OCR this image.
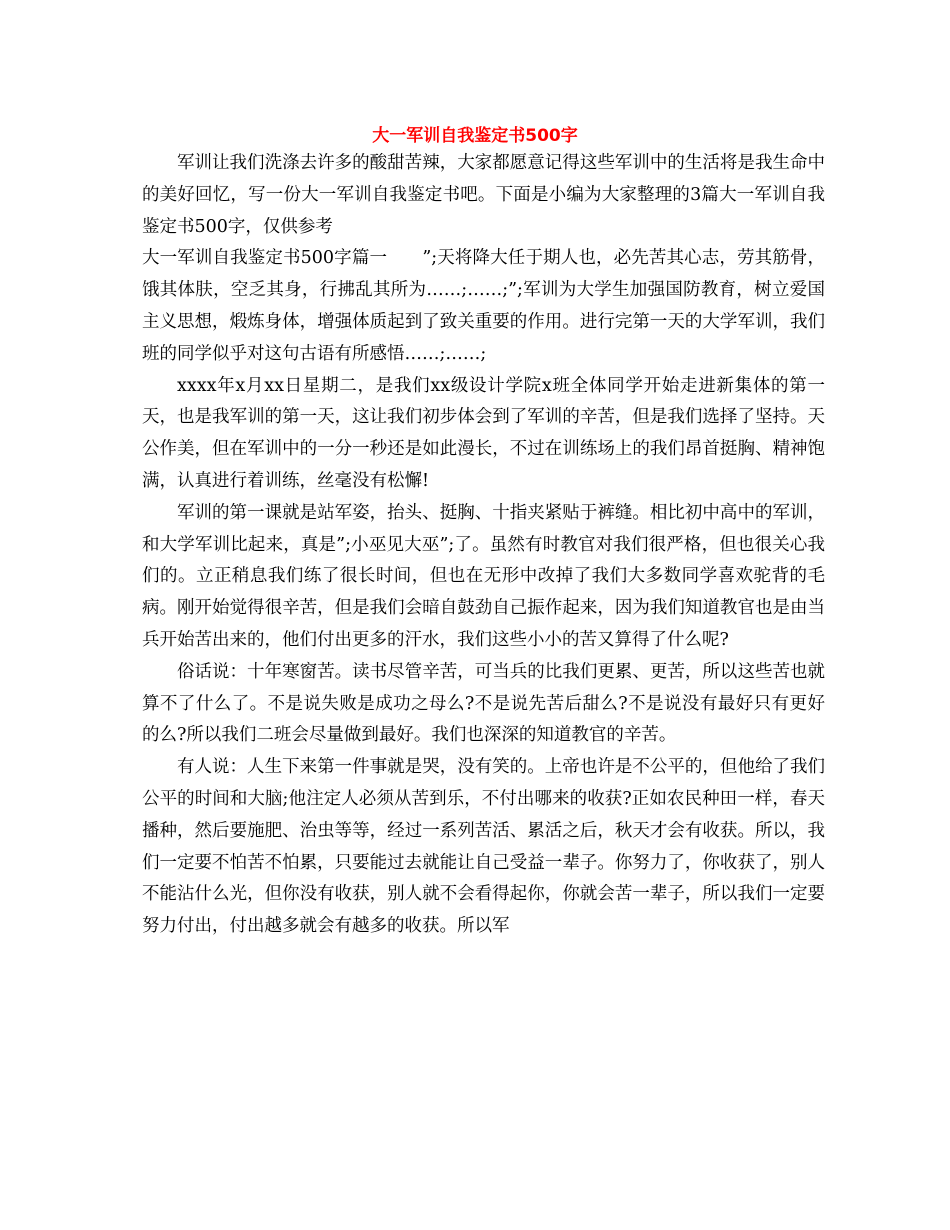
大一军训自我鉴定书500字

军训让我们洗涤去许多的酸甜苦辣，大家都愿意记得这些军训中的生活将是我生命中的美好回忆，写一份大一军训自我鉴定书吧。下面是小编为大家整理的3篇大一军训自我鉴定书500字，仅供参考

大一军训自我鉴定书500字篇一　　”;天将降大任于期人也，必先苦其心志，劳其筋骨，饿其体肤，空乏其身，行拂乱其所为……;……;”;军训为大学生加强国防教育，树立爱国主义思想，煅炼身体，增强体质起到了致关重要的作用。进行完第一天的大学军训，我们班的同学似乎对这句古语有所感悟……;……;

xxxx年x月xx日星期二，是我们xx级设计学院x班全体同学开始走进新集体的第一天，也是我军训的第一天，这让我们初步体会到了军训的辛苦，但是我们选择了坚持。天公作美，但在军训中的一分一秒还是如此漫长，不过在训练场上的我们昂首挺胸、精神饱满，认真进行着训练，丝毫没有松懈!

军训的第一课就是站军姿，抬头、挺胸、十指夹紧贴于裤缝。相比初中高中的军训，和大学军训比起来，真是”;小巫见大巫”;了。虽然有时教官对我们很严格，但也很关心我们的。立正稍息我们练了很长时间，但也在无形中改掉了我们大多数同学喜欢驼背的毛病。刚开始觉得很辛苦，但是我们会暗自鼓劲自己振作起来，因为我们知道教官也是由当兵开始苦出来的，他们付出更多的汗水，我们这些小小的苦又算得了什么呢?

俗话说：十年寒窗苦。读书尽管辛苦，可当兵的比我们更累、更苦，所以这些苦也就算不了什么了。不是说失败是成功之母么?不是说先苦后甜么?不是说没有最好只有更好的么?所以我们二班会尽量做到最好。我们也深深的知道教官的辛苦。

有人说：人生下来第一件事就是哭，没有笑的。上帝也许是不公平的，但他给了我们公平的时间和大脑;他注定人必须从苦到乐，不付出哪来的收获?正如农民种田一样，春天播种，然后要施肥、治虫等等，经过一系列苦活、累活之后，秋天才会有收获。所以，我们一定要不怕苦不怕累，只要能过去就能让自己受益一辈子。你努力了，你收获了，别人不能沾什么光，但你没有收获，别人就不会看得起你，你就会苦一辈子，所以我们一定要努力付出，付出越多就会有越多的收获。所以军
